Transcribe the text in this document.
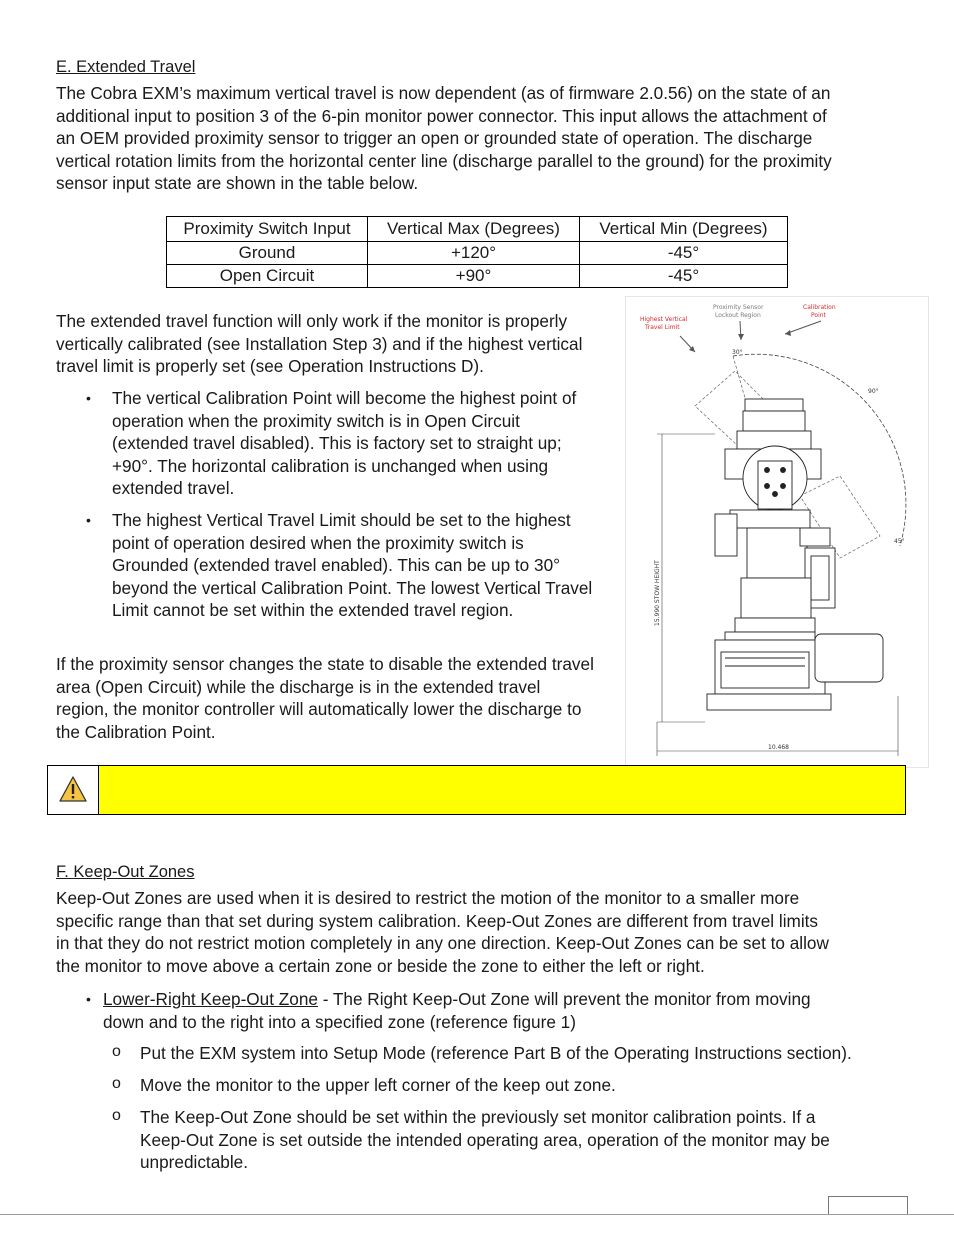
E. Extended Travel
The Cobra EXM’s maximum vertical travel is now dependent (as of firmware 2.0.56) on the state of an
additional input to position 3 of the 6-pin monitor power connector. This input allows the attachment of
an OEM provided proximity sensor to trigger an open or grounded state of operation. The discharge
vertical rotation limits from the horizontal center line (discharge parallel to the ground) for the proximity
sensor input state are shown in the table below.
Proximity Switch Input	Vertical Max (Degrees)	Vertical Min (Degrees)
Ground	+120°	-45°
Open Circuit	+90°	-45°
The extended travel function will only work if the monitor is properly
vertically calibrated (see Installation Step 3) and if the highest vertical
travel limit is properly set (see Operation Instructions D).
• The vertical Calibration Point will become the highest point of
operation when the proximity switch is in Open Circuit
(extended travel disabled). This is factory set to straight up;
+90°. The horizontal calibration is unchanged when using
extended travel.
• The highest Vertical Travel Limit should be set to the highest
point of operation desired when the proximity switch is
Grounded (extended travel enabled). This can be up to 30°
beyond the vertical Calibration Point. The lowest Vertical Travel
Limit cannot be set within the extended travel region.
If the proximity sensor changes the state to disable the extended travel
area (Open Circuit) while the discharge is in the extended travel
region, the monitor controller will automatically lower the discharge to
the Calibration Point.
Highest Vertical
Travel Limit
Proximity Sensor
Lockout Region
Calibration
Point
30°
90°
45°
15.990 STOW HEIGHT
10.468
F. Keep-Out Zones
Keep-Out Zones are used when it is desired to restrict the motion of the monitor to a smaller more
specific range than that set during system calibration. Keep-Out Zones are different from travel limits
in that they do not restrict motion completely in any one direction. Keep-Out Zones can be set to allow
the monitor to move above a certain zone or beside the zone to either the left or right.
• Lower-Right Keep-Out Zone - The Right Keep-Out Zone will prevent the monitor from moving
down and to the right into a specified zone (reference figure 1)
o Put the EXM system into Setup Mode (reference Part B of the Operating Instructions section).
o Move the monitor to the upper left corner of the keep out zone.
o The Keep-Out Zone should be set within the previously set monitor calibration points. If a
Keep-Out Zone is set outside the intended operating area, operation of the monitor may be
unpredictable.
